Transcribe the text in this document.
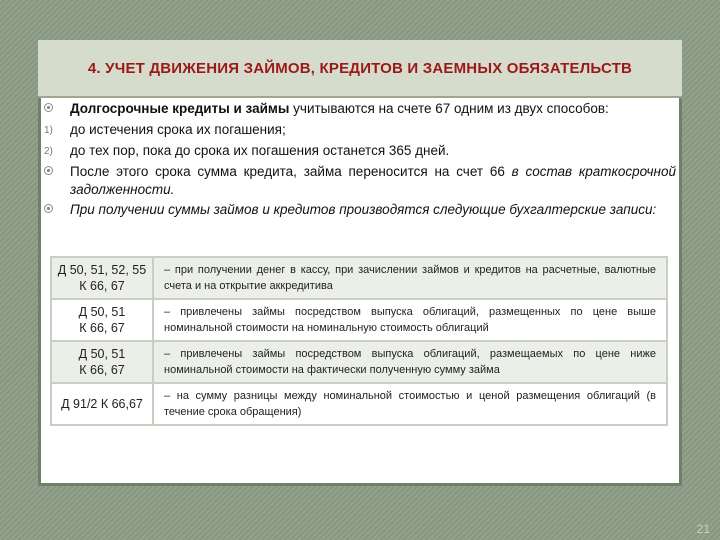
4. УЧЕТ ДВИЖЕНИЯ ЗАЙМОВ, КРЕДИТОВ И ЗАЕМНЫХ ОБЯЗАТЕЛЬСТВ
Долгосрочные кредиты и займы учитываются на счете 67 одним из двух способов:
1)	до истечения срока их погашения;
2)	до тех пор, пока до срока их погашения останется 365 дней.
После этого срока сумма кредита, займа переносится на счет 66 в состав краткосрочной задолженности.
При получении суммы займов и кредитов производятся следующие бухгалтерские записи:
Д 50, 51, 52, 55
К 66, 67	– при получении денег в кассу, при зачислении займов и кредитов на расчетные, валютные счета и на открытие аккредитива

Д 50, 51
К 66, 67	– привлечены займы посредством выпуска облигаций, размещенных по цене выше номинальной стоимости на номинальную стоимость облигаций

Д 50, 51
К 66, 67	– привлечены займы посредством выпуска облигаций, размещаемых по цене ниже номинальной стоимости на фактически полученную сумму займа

Д 91/2 К 66,67	– на сумму разницы между номинальной стоимостью и ценой размещения облигаций (в течение срока обращения)
21
